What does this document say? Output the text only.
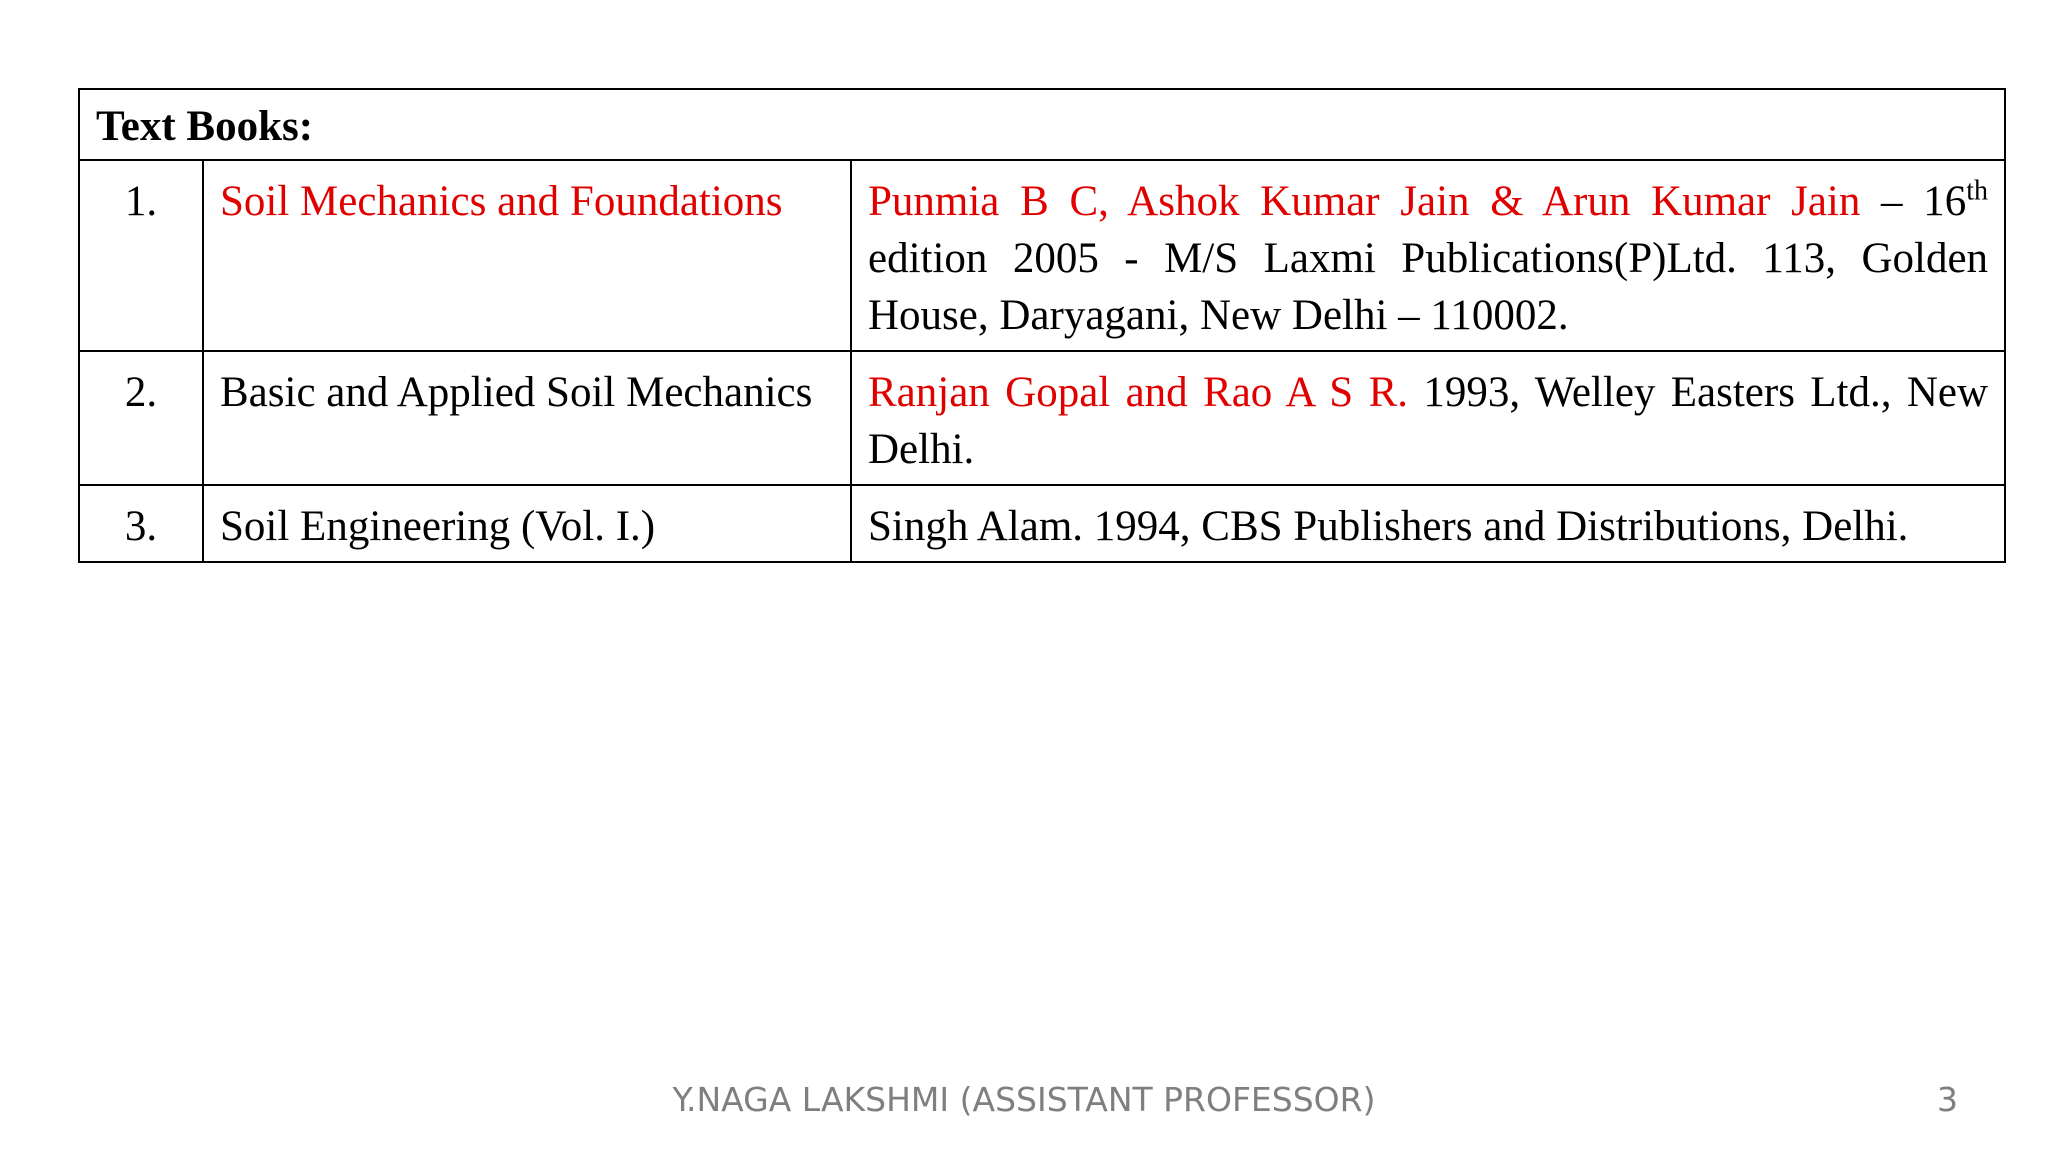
Text Books:		
1.	Soil Mechanics and Foundations	Punmia B C, Ashok Kumar Jain & Arun Kumar Jain – 16th edition 2005 - M/S Laxmi Publications(P)Ltd. 113, Golden House, Daryagani, New Delhi – 110002.
2.	Basic and Applied Soil Mechanics	Ranjan Gopal and Rao A S R. 1993, Welley Easters Ltd., New Delhi.
3.	Soil Engineering (Vol. I.)	Singh Alam. 1994, CBS Publishers and Distributions, Delhi.
Y.NAGA LAKSHMI (ASSISTANT PROFESSOR)	3
